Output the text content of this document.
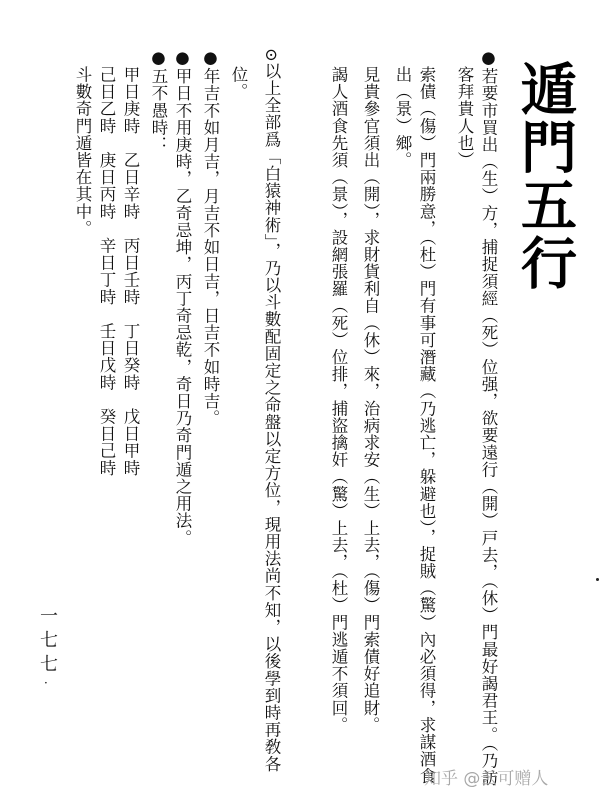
遁門五行
●若要市買出（生）方，捕捉須經（死）位强，欲要遠行（開）戸去，（休）門最好謁君王。（乃訪
客拜貴人也）
索債（傷）門兩勝意，（杜）門有事可潛藏（乃逃亡，躲避也），捉賊（驚）內必須得，求謀酒食
出（景）鄉。
見貴參官須出（開），求財貨利自（休）來，治病求安（生）上去，（傷）門索債好追財。
謁人酒食先須（景），設網張羅（死）位排，捕盜擒奸（驚）上去，（杜）門逃遁不須回。
⊙以上全部爲「白猿神術」，乃以斗數配固定之命盤以定方位，現用法尚不知，以後學到時再敎各
位。
●年吉不如月吉，月吉不如日吉，日吉不如時吉。
●甲日不用庚時，乙奇忌坤，丙丁奇忌乾，奇日乃奇門遁之用法。
●五不愚時：
甲日庚時　乙日辛時　丙日壬時　丁日癸時　戊日甲時
己日乙時　庚日丙時　辛日丁時　壬日戊時　癸日己時
斗數奇門遁皆在其中。
一七七
·
知乎 @云可赠人
